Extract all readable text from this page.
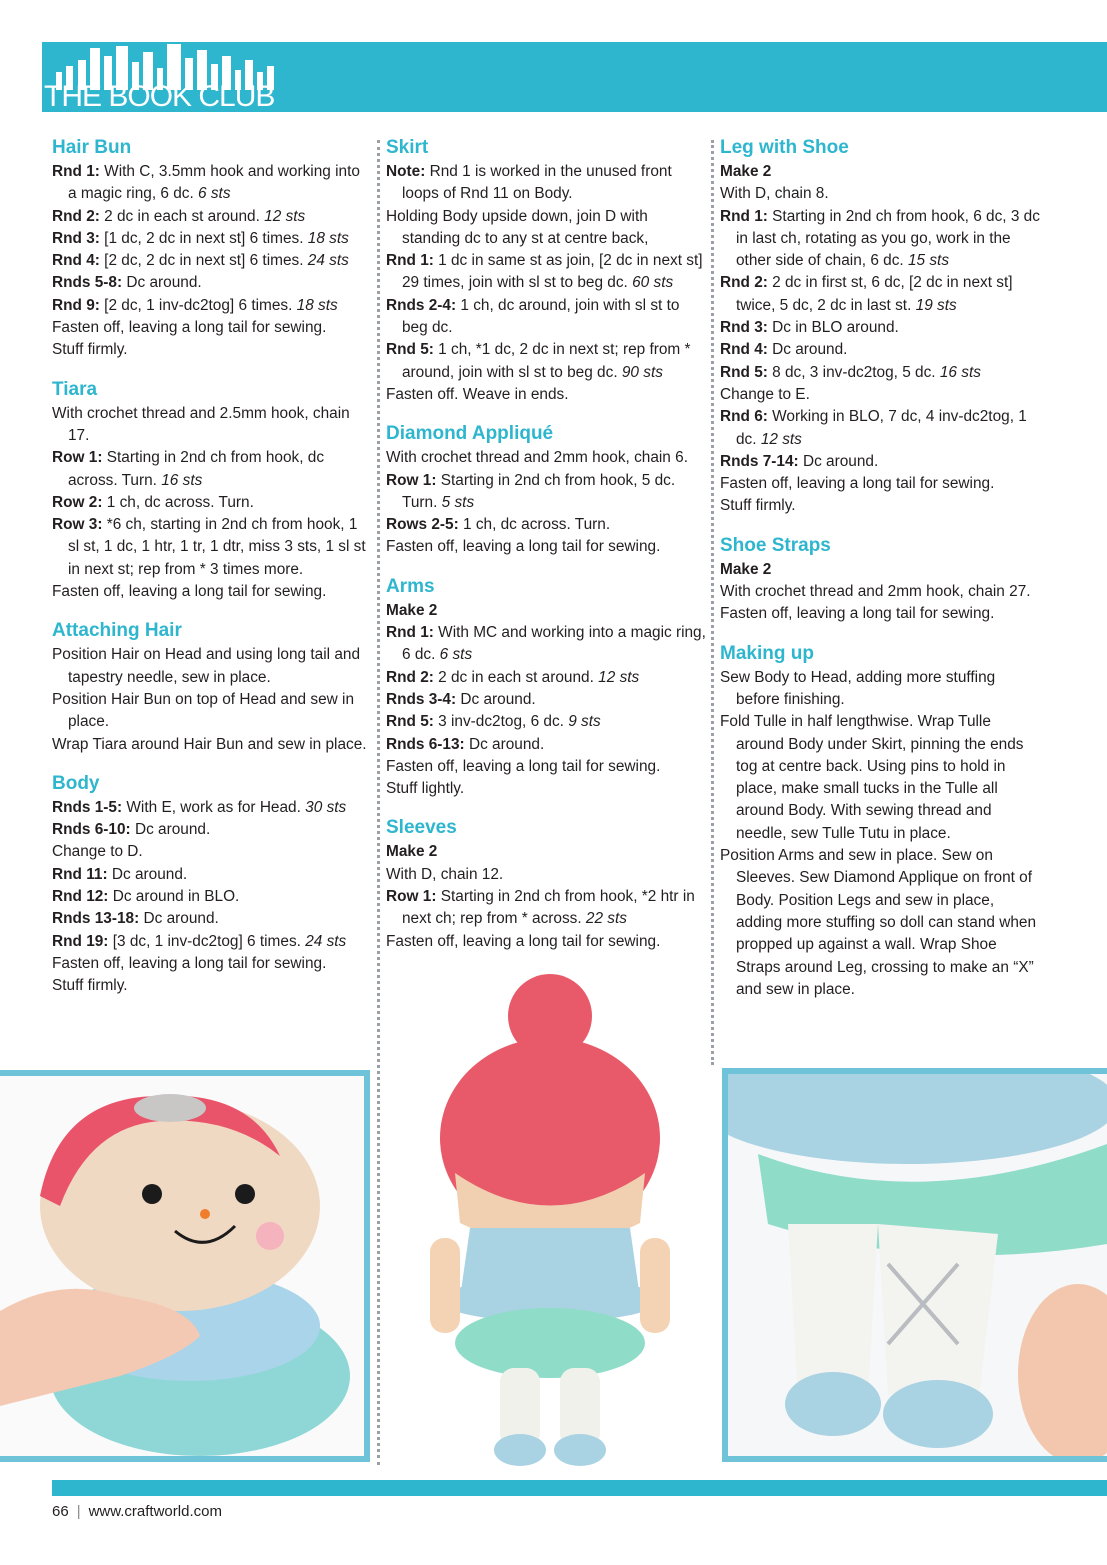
THE BOOK CLUB
Hair Bun
Rnd 1: With C, 3.5mm hook and working into a magic ring, 6 dc. 6 sts
Rnd 2: 2 dc in each st around. 12 sts
Rnd 3: [1 dc, 2 dc in next st] 6 times. 18 sts
Rnd 4: [2 dc, 2 dc in next st] 6 times. 24 sts
Rnds 5-8: Dc around.
Rnd 9: [2 dc, 1 inv-dc2tog] 6 times. 18 sts
Fasten off, leaving a long tail for sewing.
Stuff firmly.
Tiara
With crochet thread and 2.5mm hook, chain 17.
Row 1: Starting in 2nd ch from hook, dc across. Turn. 16 sts
Row 2: 1 ch, dc across. Turn.
Row 3: *6 ch, starting in 2nd ch from hook, 1 sl st, 1 dc, 1 htr, 1 tr, 1 dtr, miss 3 sts, 1 sl st in next st; rep from * 3 times more.
Fasten off, leaving a long tail for sewing.
Attaching Hair
Position Hair on Head and using long tail and tapestry needle, sew in place.
Position Hair Bun on top of Head and sew in place.
Wrap Tiara around Hair Bun and sew in place.
Body
Rnds 1-5: With E, work as for Head. 30 sts
Rnds 6-10: Dc around.
Change to D.
Rnd 11: Dc around.
Rnd 12: Dc around in BLO.
Rnds 13-18: Dc around.
Rnd 19: [3 dc, 1 inv-dc2tog] 6 times. 24 sts
Fasten off, leaving a long tail for sewing.
Stuff firmly.
Skirt
Note: Rnd 1 is worked in the unused front loops of Rnd 11 on Body.
Holding Body upside down, join D with standing dc to any st at centre back,
Rnd 1: 1 dc in same st as join, [2 dc in next st] 29 times, join with sl st to beg dc. 60 sts
Rnds 2-4: 1 ch, dc around, join with sl st to beg dc.
Rnd 5: 1 ch, *1 dc, 2 dc in next st; rep from * around, join with sl st to beg dc. 90 sts
Fasten off. Weave in ends.
Diamond Appliqué
With crochet thread and 2mm hook, chain 6.
Row 1: Starting in 2nd ch from hook, 5 dc. Turn. 5 sts
Rows 2-5: 1 ch, dc across. Turn.
Fasten off, leaving a long tail for sewing.
Arms
Make 2
Rnd 1: With MC and working into a magic ring, 6 dc. 6 sts
Rnd 2: 2 dc in each st around. 12 sts
Rnds 3-4: Dc around.
Rnd 5: 3 inv-dc2tog, 6 dc. 9 sts
Rnds 6-13: Dc around.
Fasten off, leaving a long tail for sewing.
Stuff lightly.
Sleeves
Make 2
With D, chain 12.
Row 1: Starting in 2nd ch from hook, *2 htr in next ch; rep from * across. 22 sts
Fasten off, leaving a long tail for sewing.
Leg with Shoe
Make 2
With D, chain 8.
Rnd 1: Starting in 2nd ch from hook, 6 dc, 3 dc in last ch, rotating as you go, work in the other side of chain, 6 dc. 15 sts
Rnd 2: 2 dc in first st, 6 dc, [2 dc in next st] twice, 5 dc, 2 dc in last st. 19 sts
Rnd 3: Dc in BLO around.
Rnd 4: Dc around.
Rnd 5: 8 dc, 3 inv-dc2tog, 5 dc. 16 sts
Change to E.
Rnd 6: Working in BLO, 7 dc, 4 inv-dc2tog, 1 dc. 12 sts
Rnds 7-14: Dc around.
Fasten off, leaving a long tail for sewing.
Stuff firmly.
Shoe Straps
Make 2
With crochet thread and 2mm hook, chain 27.
Fasten off, leaving a long tail for sewing.
Making up
Sew Body to Head, adding more stuffing before finishing.
Fold Tulle in half lengthwise. Wrap Tulle around Body under Skirt, pinning the ends tog at centre back. Using pins to hold in place, make small tucks in the Tulle all around Body. With sewing thread and needle, sew Tulle Tutu in place.
Position Arms and sew in place. Sew on Sleeves. Sew Diamond Applique on front of Body. Position Legs and sew in place, adding more stuffing so doll can stand when propped up against a wall. Wrap Shoe Straps around Leg, crossing to make an “X” and sew in place.
66 | www.craftworld.com
